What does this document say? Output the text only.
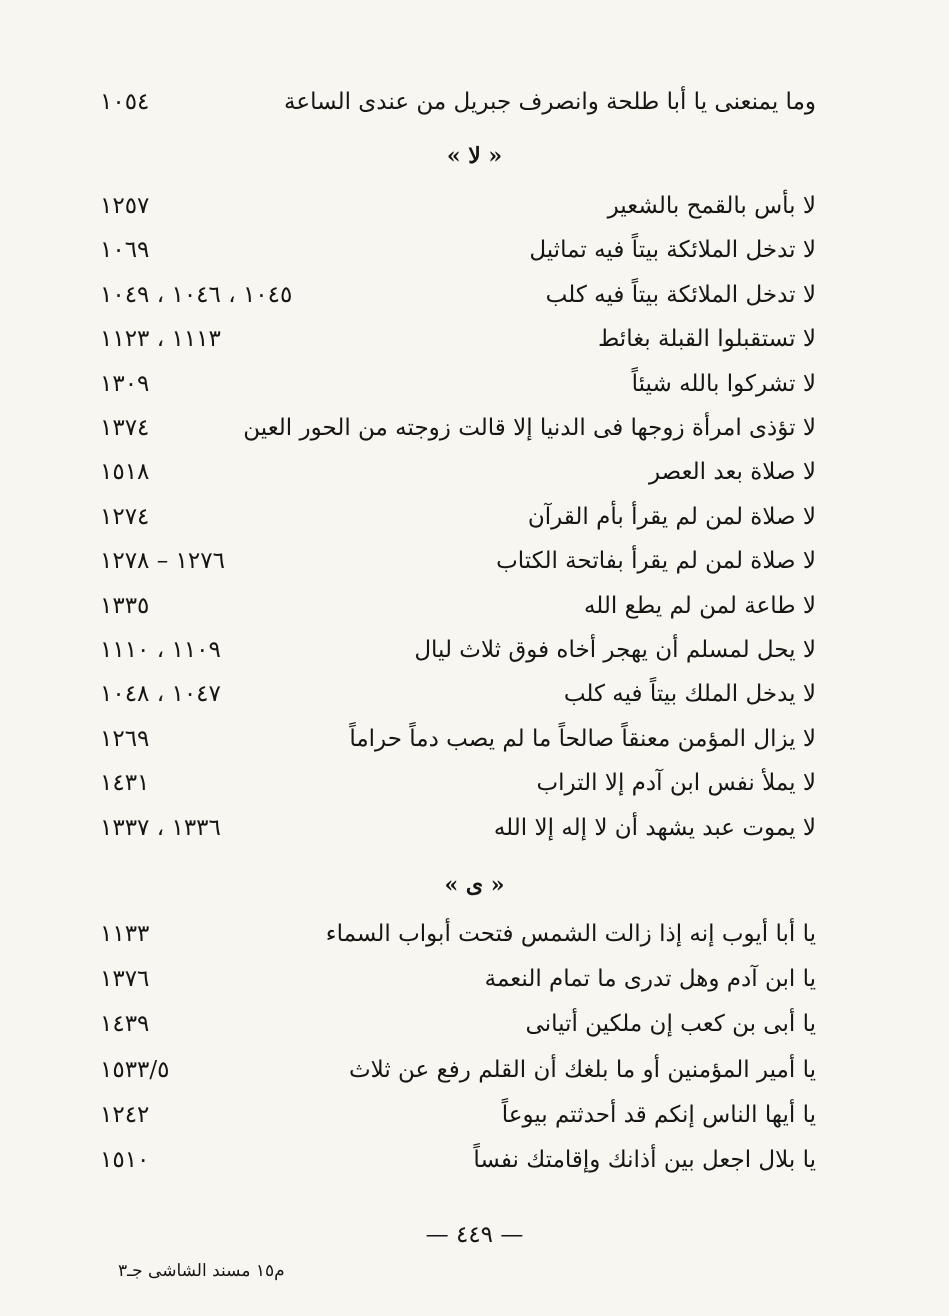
وما يمنعنى يا أبا طلحة وانصرف جبريل من عندى الساعة
١٠٥٤
« لا »
لا بأس بالقمح بالشعير
١٢٥٧
لا تدخل الملائكة بيتاً فيه تماثيل
١٠٦٩
لا تدخل الملائكة بيتاً فيه كلب
١٠٤٥ ، ١٠٤٦ ، ١٠٤٩
لا تستقبلوا القبلة بغائط
١١١٣ ، ١١٢٣
لا تشركوا بالله شيئاً
١٣٠٩
لا تؤذى امرأة زوجها فى الدنيا إلا قالت زوجته من الحور العين
١٣٧٤
لا صلاة بعد العصر
١٥١٨
لا صلاة لمن لم يقرأ بأم القرآن
١٢٧٤
لا صلاة لمن لم يقرأ بفاتحة الكتاب
١٢٧٦ – ١٢٧٨
لا طاعة لمن لم يطع الله
١٣٣٥
لا يحل لمسلم أن يهجر أخاه فوق ثلاث ليال
١١٠٩ ، ١١١٠
لا يدخل الملك بيتاً فيه كلب
١٠٤٧ ، ١٠٤٨
لا يزال المؤمن معنقاً صالحاً ما لم يصب دماً حراماً
١٢٦٩
لا يملأ نفس ابن آدم إلا التراب
١٤٣١
لا يموت عبد يشهد أن لا إله إلا الله
١٣٣٦ ، ١٣٣٧
« ى »
يا أبا أيوب إنه إذا زالت الشمس فتحت أبواب السماء
١١٣٣
يا ابن آدم وهل تدرى ما تمام النعمة
١٣٧٦
يا أبى بن كعب إن ملكين أتيانى
١٤٣٩
يا أمير المؤمنين أو ما بلغك أن القلم رفع عن ثلاث
١٥٣٣/٥
يا أيها الناس إنكم قد أحدثتم بيوعاً
١٢٤٢
يا بلال اجعل بين أذانك وإقامتك نفساً
١٥١٠
— ٤٤٩ —
م١٥ مسند الشاشى جـ٣
